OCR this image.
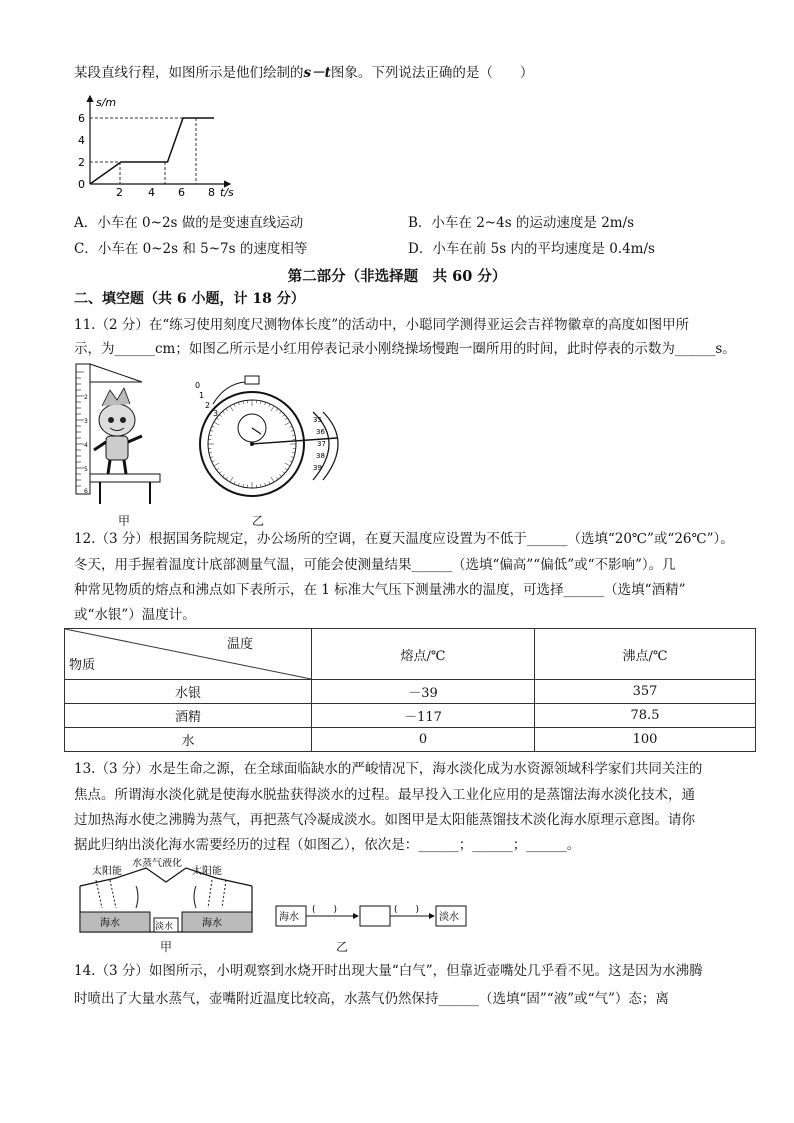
某段直线行程，如图所示是他们绘制的s－t图象。下列说法正确的是（　　）
s/m
t/s
0
2
4
6
2 4 6 8
A．小车在 0~2s 做的是变速直线运动	B．小车在 2~4s 的运动速度是 2m/s
C．小车在 0~2s 和 5~7s 的速度相等	D．小车在前 5s 内的平均速度是 0.4m/s
第二部分（非选择题　共 60 分）
二、填空题（共 6 小题，计 18 分）
11.（2 分）在“练习使用刻度尺测物体长度”的活动中，小聪同学测得亚运会吉祥物徽章的高度如图甲所
示，为______cm；如图乙所示是小红用停表记录小刚绕操场慢跑一圈所用的时间，此时停表的示数为______s。
2
3
4
5
6
甲
0
1
2
3
35
36
37
38
39
乙
12.（3 分）根据国务院规定，办公场所的空调，在夏天温度应设置为不低于______（选填“20℃”或“26℃”）。
冬天，用手握着温度计底部测量气温，可能会使测量结果______（选填“偏高”“偏低”或“不影响”）。几
种常见物质的熔点和沸点如下表所示，在 1 标准大气压下测量沸水的温度，可选择______（选填“酒精”
或“水银”）温度计。
温度
物质	熔点/℃	沸点/℃
水银	－39	357
酒精	－117	78.5
水	0	100
13.（3 分）水是生命之源，在全球面临缺水的严峻情况下，海水淡化成为水资源领域科学家们共同关注的
焦点。所谓海水淡化就是使海水脱盐获得淡水的过程。最早投入工业化应用的是蒸馏法海水淡化技术，通
过加热海水使之沸腾为蒸气，再把蒸气冷凝成淡水。如图甲是太阳能蒸馏技术淡化海水原理示意图。请你
据此归纳出淡化海水需要经历的过程（如图乙），依次是：______；______；______。
太阳能	太阳能
水蒸气液化
海水	海水
淡水
甲
海水
(　　)	(　　)
淡水
乙
14.（3 分）如图所示，小明观察到水烧开时出现大量“白气”，但靠近壶嘴处几乎看不见。这是因为水沸腾
时喷出了大量水蒸气，壶嘴附近温度比较高，水蒸气仍然保持______（选填“固”“液”或“气”）态；离
